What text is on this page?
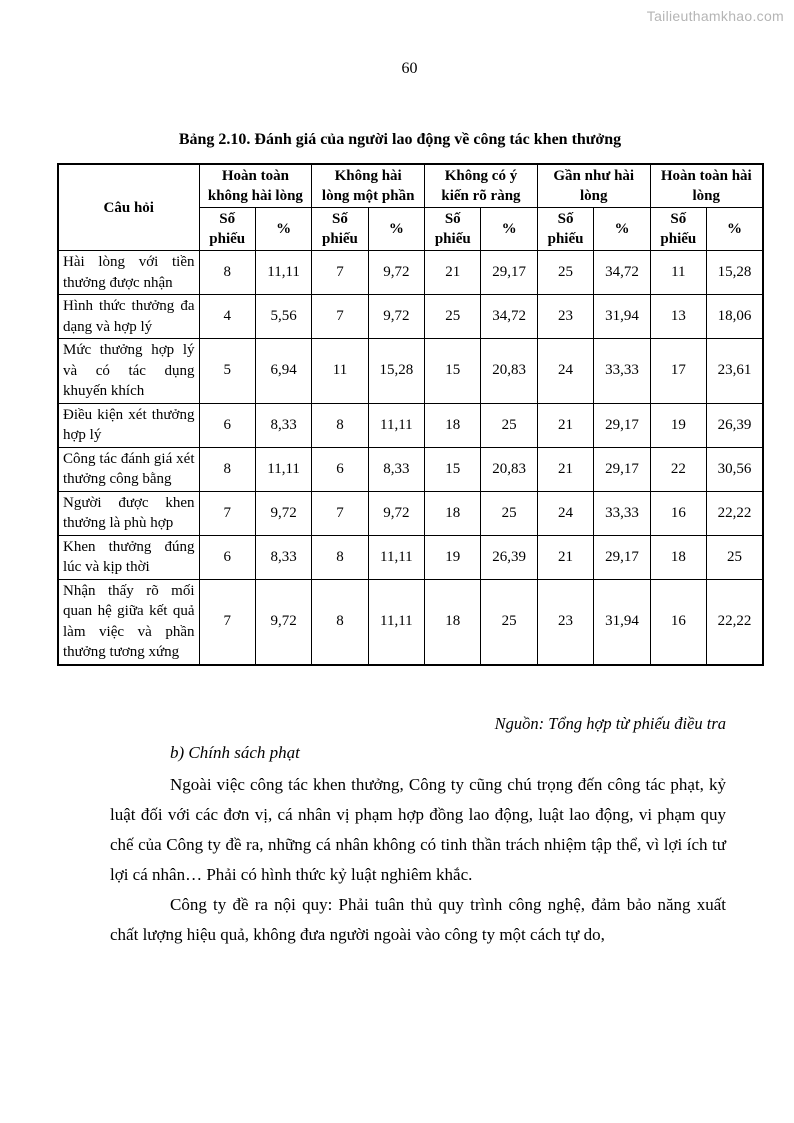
Tailieuthamkhao.com
60
Bảng 2.10. Đánh giá của người lao động về công tác khen thưởng
Câu hỏi	Hoàn toàn không hài lòng		Không hài lòng một phần		Không có ý kiến rõ ràng		Gần như hài lòng		Hoàn toàn hài lòng	
	Số phiếu	%	Số phiếu	%	Số phiếu	%	Số phiếu	%	Số phiếu	%
Hài lòng với tiền thưởng được nhận	8	11,11	7	9,72	21	29,17	25	34,72	11	15,28
Hình thức thưởng đa dạng và hợp lý	4	5,56	7	9,72	25	34,72	23	31,94	13	18,06
Mức thưởng hợp lý và có tác dụng khuyến khích	5	6,94	11	15,28	15	20,83	24	33,33	17	23,61
Điều kiện xét thưởng hợp lý	6	8,33	8	11,11	18	25	21	29,17	19	26,39
Công tác đánh giá xét thưởng công bằng	8	11,11	6	8,33	15	20,83	21	29,17	22	30,56
Người được khen thưởng là phù hợp	7	9,72	7	9,72	18	25	24	33,33	16	22,22
Khen thưởng đúng lúc và kịp thời	6	8,33	8	11,11	19	26,39	21	29,17	18	25
Nhận thấy rõ mối quan hệ giữa kết quả làm việc và phần thưởng tương xứng	7	9,72	8	11,11	18	25	23	31,94	16	22,22
Nguồn: Tổng hợp từ phiếu điều tra
b) Chính sách phạt

Ngoài việc công tác khen thưởng, Công ty cũng chú trọng đến công tác phạt, kỷ luật đối với các đơn vị, cá nhân vị phạm hợp đồng lao động, luật lao động, vi phạm quy chế của Công ty đề ra, những cá nhân không có tinh thần trách nhiệm tập thể, vì lợi ích tư lợi cá nhân… Phải có hình thức kỷ luật nghiêm khắc.

Công ty đề ra nội quy: Phải tuân thủ quy trình công nghệ, đảm bảo năng xuất chất lượng hiệu quả, không đưa người ngoài vào công ty một cách tự do,
